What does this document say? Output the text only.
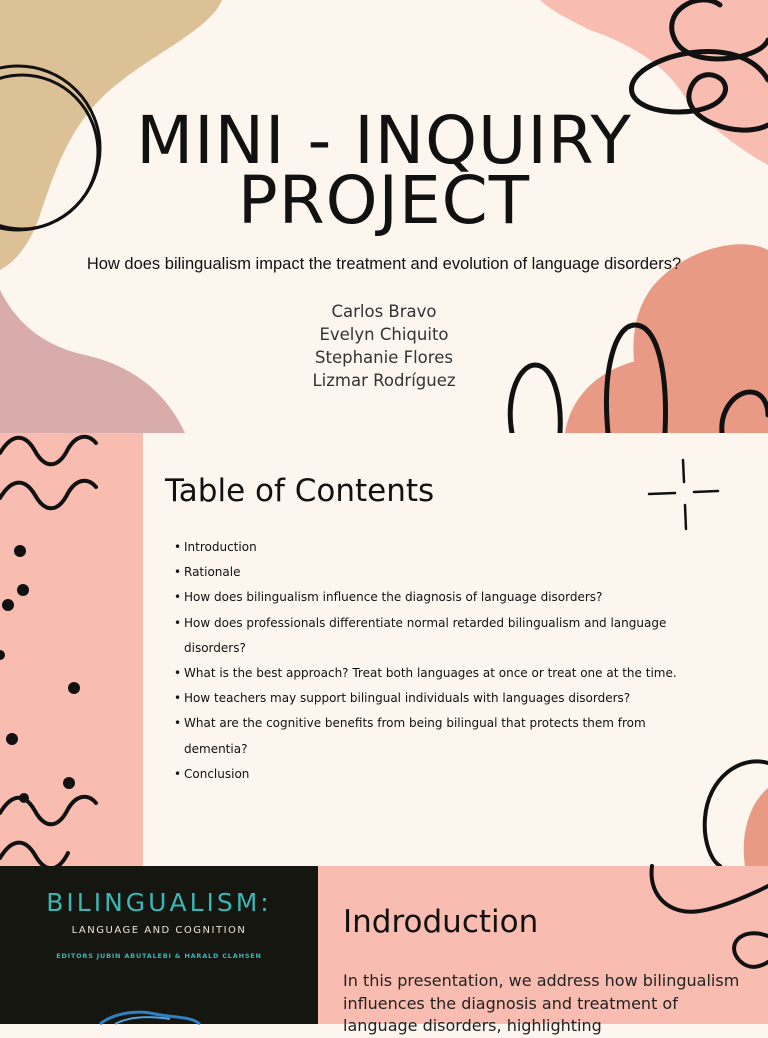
MINI - INQUIRY
PROJECT
How does bilingualism impact the treatment and evolution of language disorders?
Carlos Bravo
Evelyn Chiquito
Stephanie Flores
Lizmar Rodríguez
Table of Contents
• Introduction
• Rationale
• How does bilingualism influence the diagnosis of language disorders?
• How does professionals differentiate normal retarded bilingualism and language disorders?
• What is the best approach? Treat both languages at once or treat one at the time.
• How teachers may support bilingual individuals with languages disorders?
• What are the cognitive benefits from being bilingual that protects them from dementia?
• Conclusion
BILINGUALISM:
LANGUAGE AND COGNITION
EDITORS JUBIN ABUTALEBI & HARALD CLAHSEN
Indroduction
In this presentation, we address how bilingualism influences the diagnosis and treatment of language disorders, highlighting
